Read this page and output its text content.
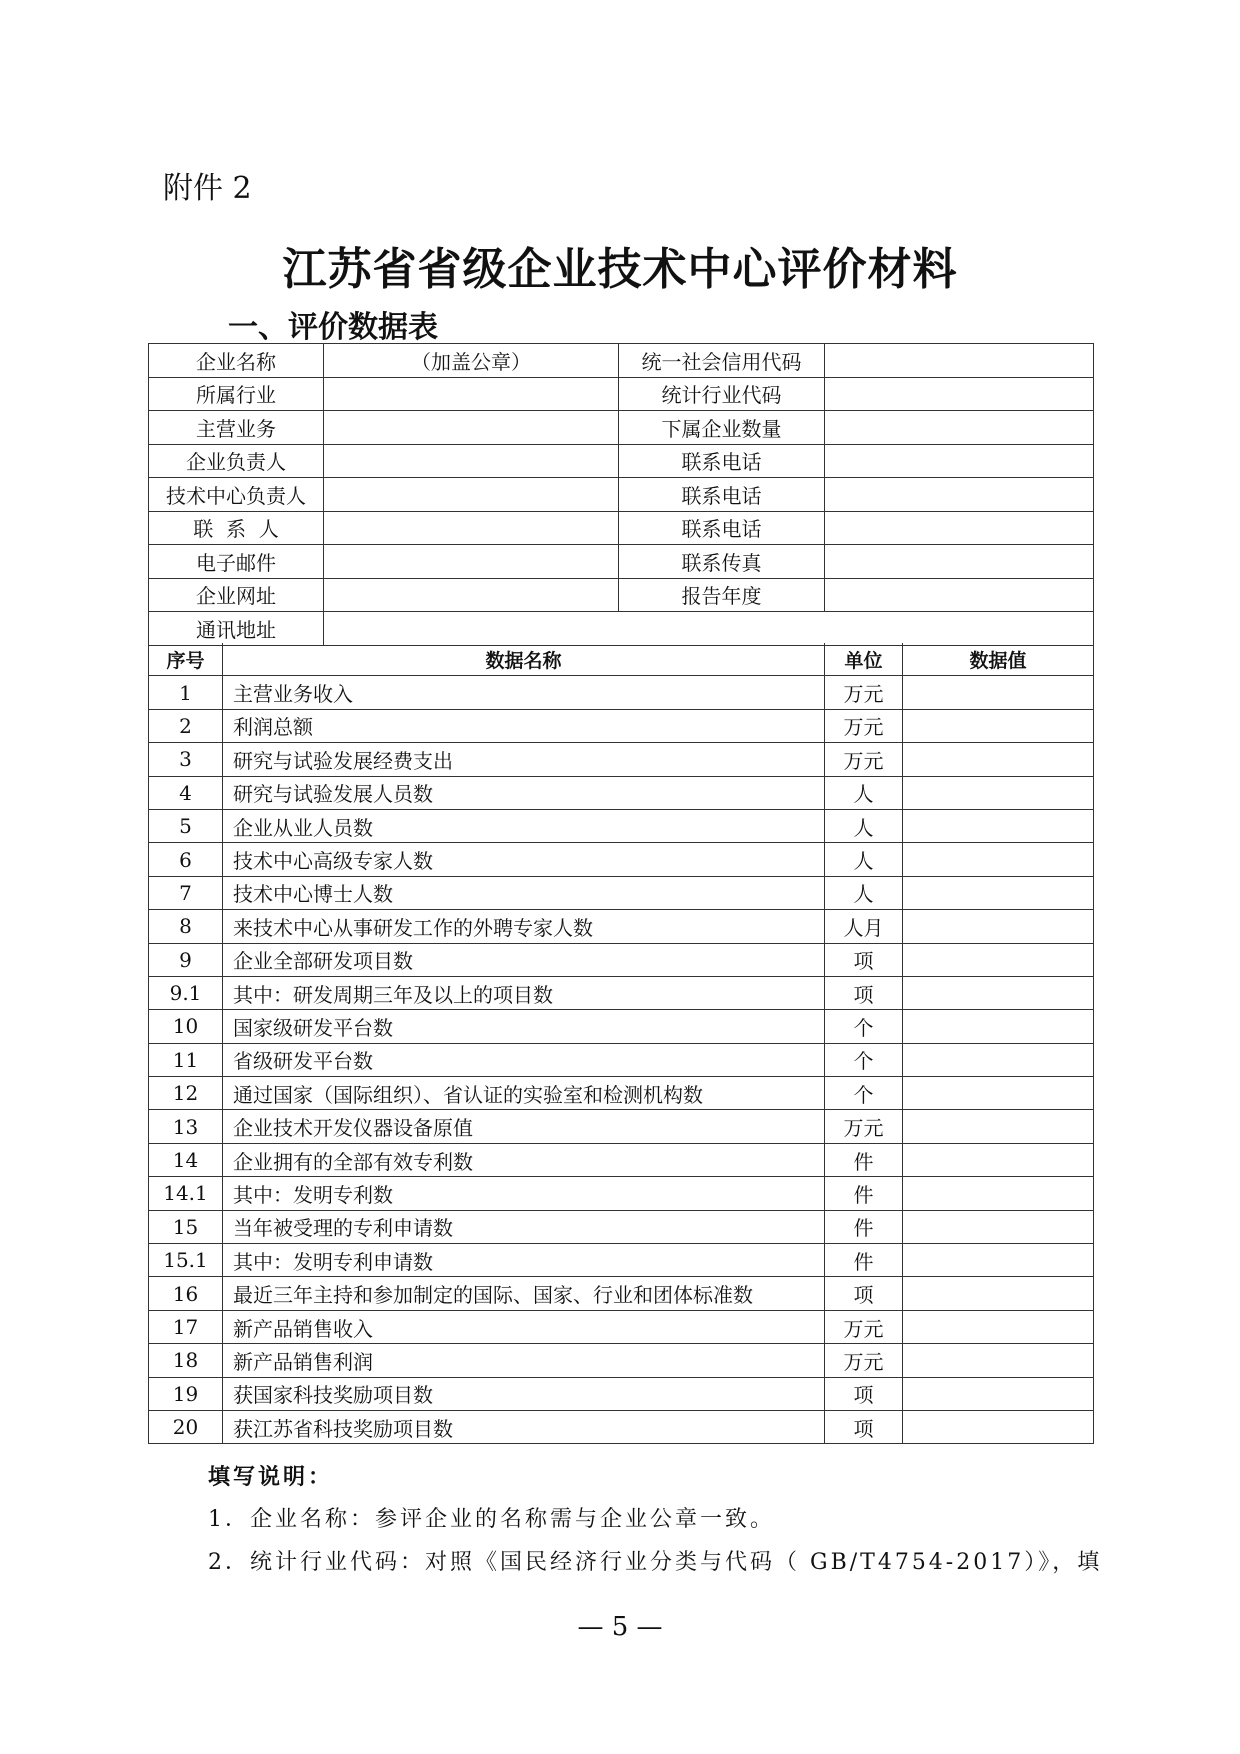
附件 2
江苏省省级企业技术中心评价材料
一、评价数据表
企业名称	（加盖公章）	统一社会信用代码	
所属行业		统计行业代码	
主营业务		下属企业数量	
企业负责人		联系电话	
技术中心负责人		联系电话	
联  系  人		联系电话	
电子邮件		联系传真	
企业网址		报告年度	
通讯地址			
序号	数据名称	单位	数据值
1	主营业务收入	万元	
2	利润总额	万元	
3	研究与试验发展经费支出	万元	
4	研究与试验发展人员数	人	
5	企业从业人员数	人	
6	技术中心高级专家人数	人	
7	技术中心博士人数	人	
8	来技术中心从事研发工作的外聘专家人数	人月	
9	企业全部研发项目数	项	
9.1	其中：研发周期三年及以上的项目数	项	
10	国家级研发平台数	个	
11	省级研发平台数	个	
12	通过国家（国际组织）、省认证的实验室和检测机构数	个	
13	企业技术开发仪器设备原值	万元	
14	企业拥有的全部有效专利数	件	
14.1	其中：发明专利数	件	
15	当年被受理的专利申请数	件	
15.1	其中：发明专利申请数	件	
16	最近三年主持和参加制定的国际、国家、行业和团体标准数	项	
17	新产品销售收入	万元	
18	新产品销售利润	万元	
19	获国家科技奖励项目数	项	
20	获江苏省科技奖励项目数	项	
填写说明：
1．企业名称：参评企业的名称需与企业公章一致。
2．统计行业代码：对照《国民经济行业分类与代码（ GB/T4754-2017）》，填
— 5 —
